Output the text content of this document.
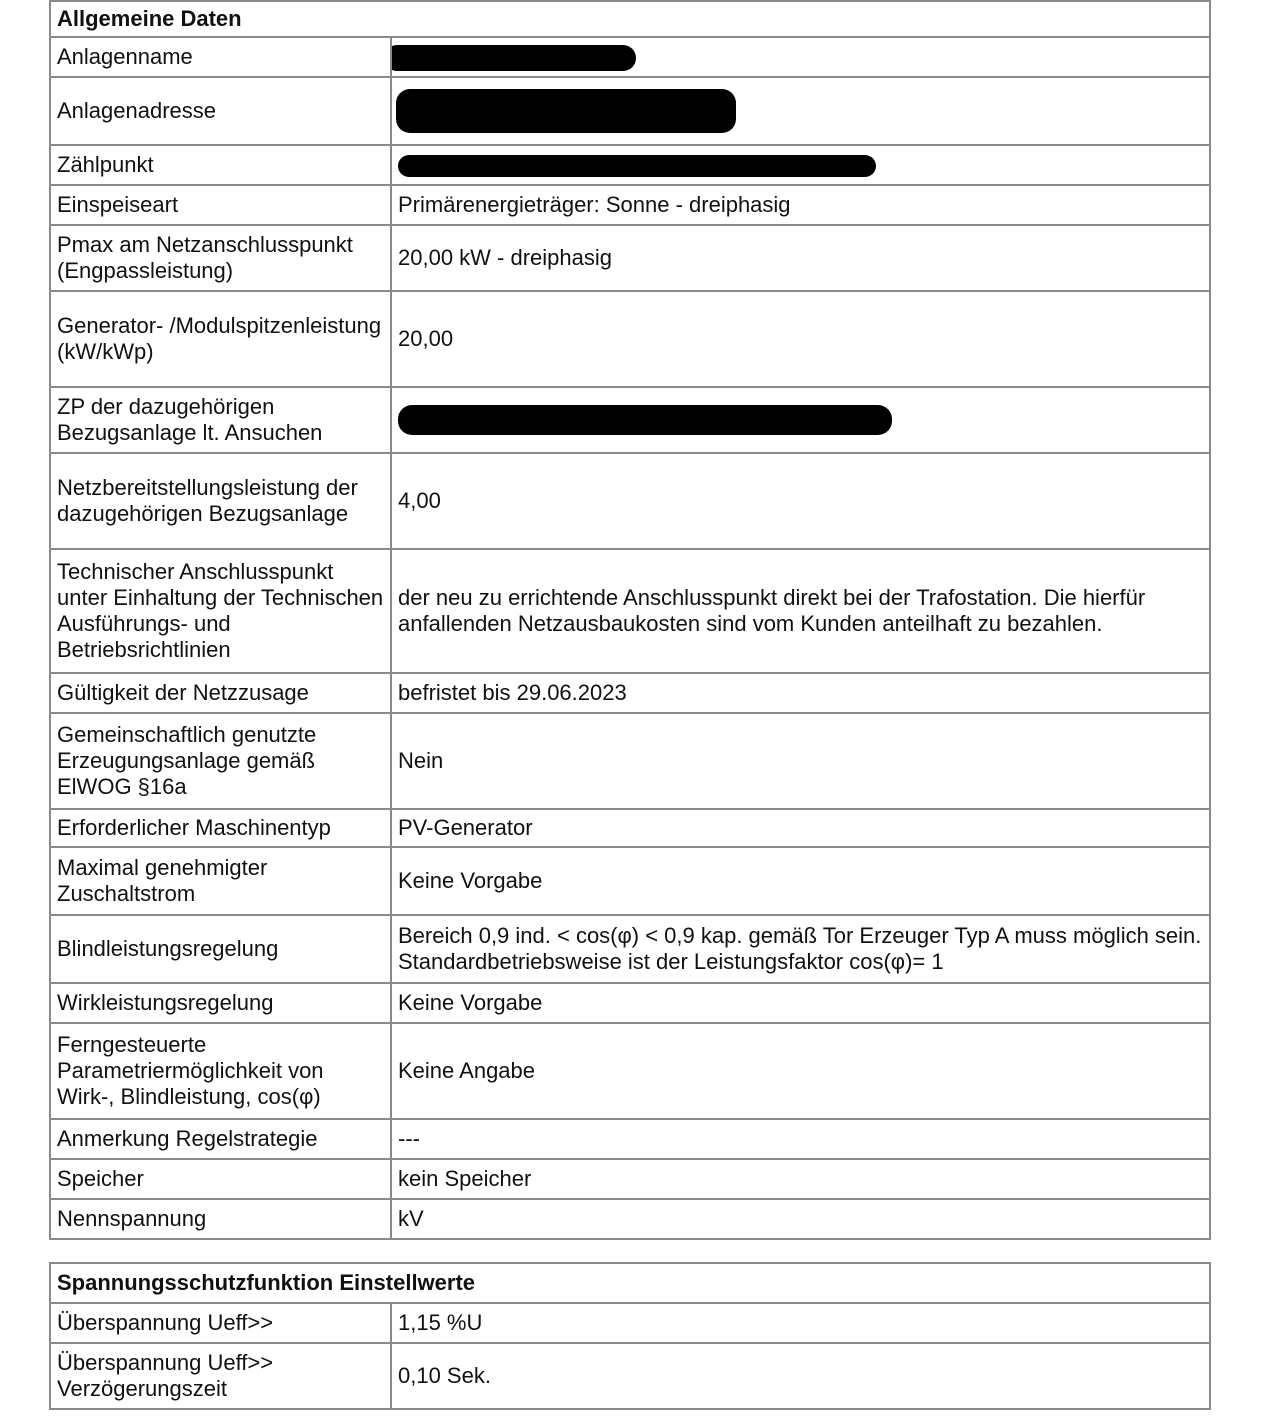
Allgemeine Daten	
Anlagenname	
Anlagenadresse	
Zählpunkt	
Einspeiseart	Primärenergieträger: Sonne - dreiphasig
Pmax am Netzanschlusspunkt (Engpassleistung)	20,00 kW - dreiphasig
Generator- /Modulspitzenleistung (kW/kWp)	20,00
ZP der dazugehörigen Bezugsanlage lt. Ansuchen	
Netzbereitstellungsleistung der dazugehörigen Bezugsanlage	4,00
Technischer Anschlusspunkt unter Einhaltung der Technischen Ausführungs- und Betriebsrichtlinien	der neu zu errichtende Anschlusspunkt direkt bei der Trafostation. Die hierfür anfallenden Netzausbaukosten sind vom Kunden anteilhaft zu bezahlen.
Gültigkeit der Netzzusage	befristet bis 29.06.2023
Gemeinschaftlich genutzte Erzeugungsanlage gemäß ElWOG §16a	Nein
Erforderlicher Maschinentyp	PV-Generator
Maximal genehmigter Zuschaltstrom	Keine Vorgabe
Blindleistungsregelung	Bereich 0,9 ind. < cos(φ) < 0,9 kap. gemäß Tor Erzeuger Typ A muss möglich sein. Standardbetriebsweise ist der Leistungsfaktor cos(φ)= 1
Wirkleistungsregelung	Keine Vorgabe
Ferngesteuerte Parametriermöglichkeit von Wirk-, Blindleistung, cos(φ)	Keine Angabe
Anmerkung Regelstrategie	---
Speicher	kein Speicher
Nennspannung	kV
Spannungsschutzfunktion Einstellwerte	
Überspannung Ueff>>	1,15 %U
Überspannung Ueff>> Verzögerungszeit	0,10 Sek.
